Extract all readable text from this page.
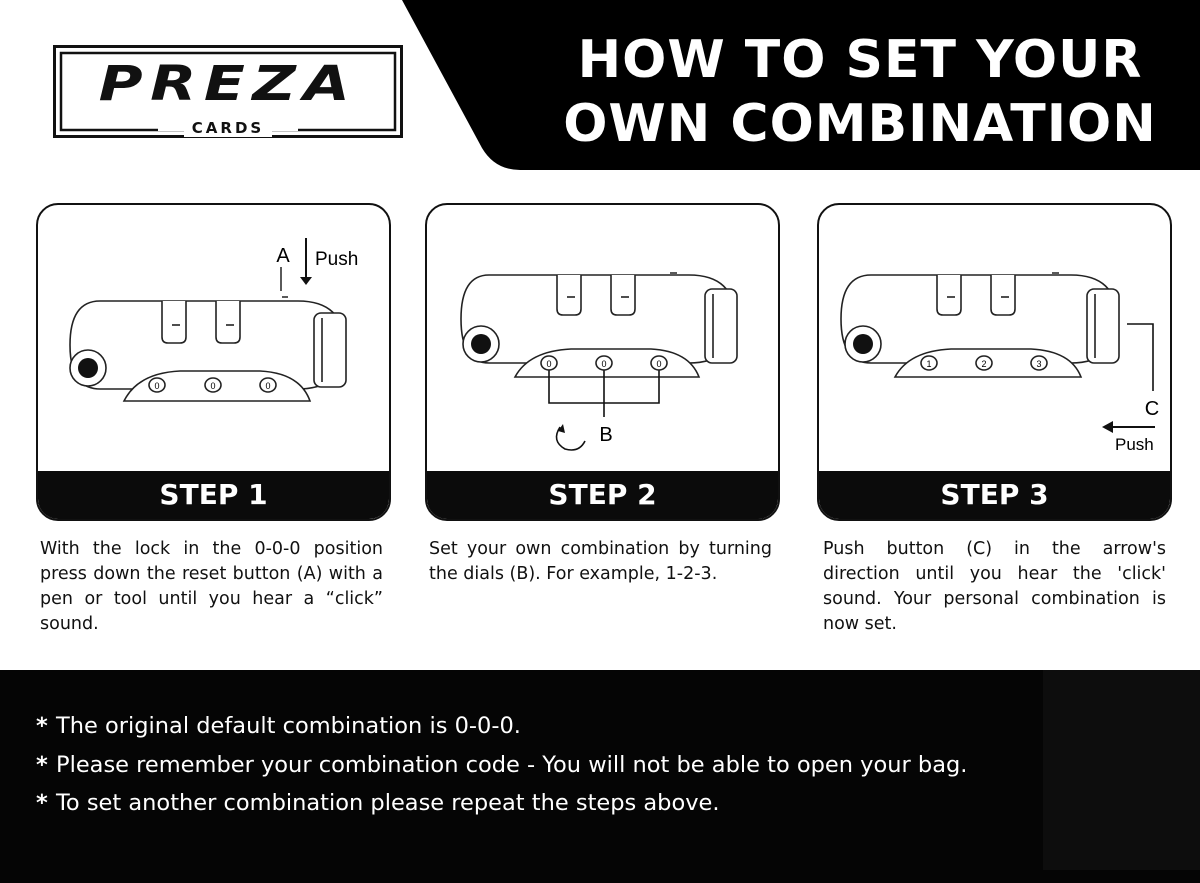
HOW TO SET YOUR
OWN COMBINATION
PREZA
CARDS
0	0	0
A Push
STEP 1
0	0	0
B
STEP 2
1	2	3
C
Push
STEP 3

With the lock in the 0-0-0 position press down the reset button (A) with a pen or tool until you hear a “click” sound.

Set your own combination by turning the dials (B). For example, 1-2-3.

Push button (C) in the arrow's direction until you hear the 'click' sound. Your personal combination is now set.

* The original default combination is 0-0-0.
* Please remember your combination code - You will not be able to open your bag.
* To set another combination please repeat the steps above.
